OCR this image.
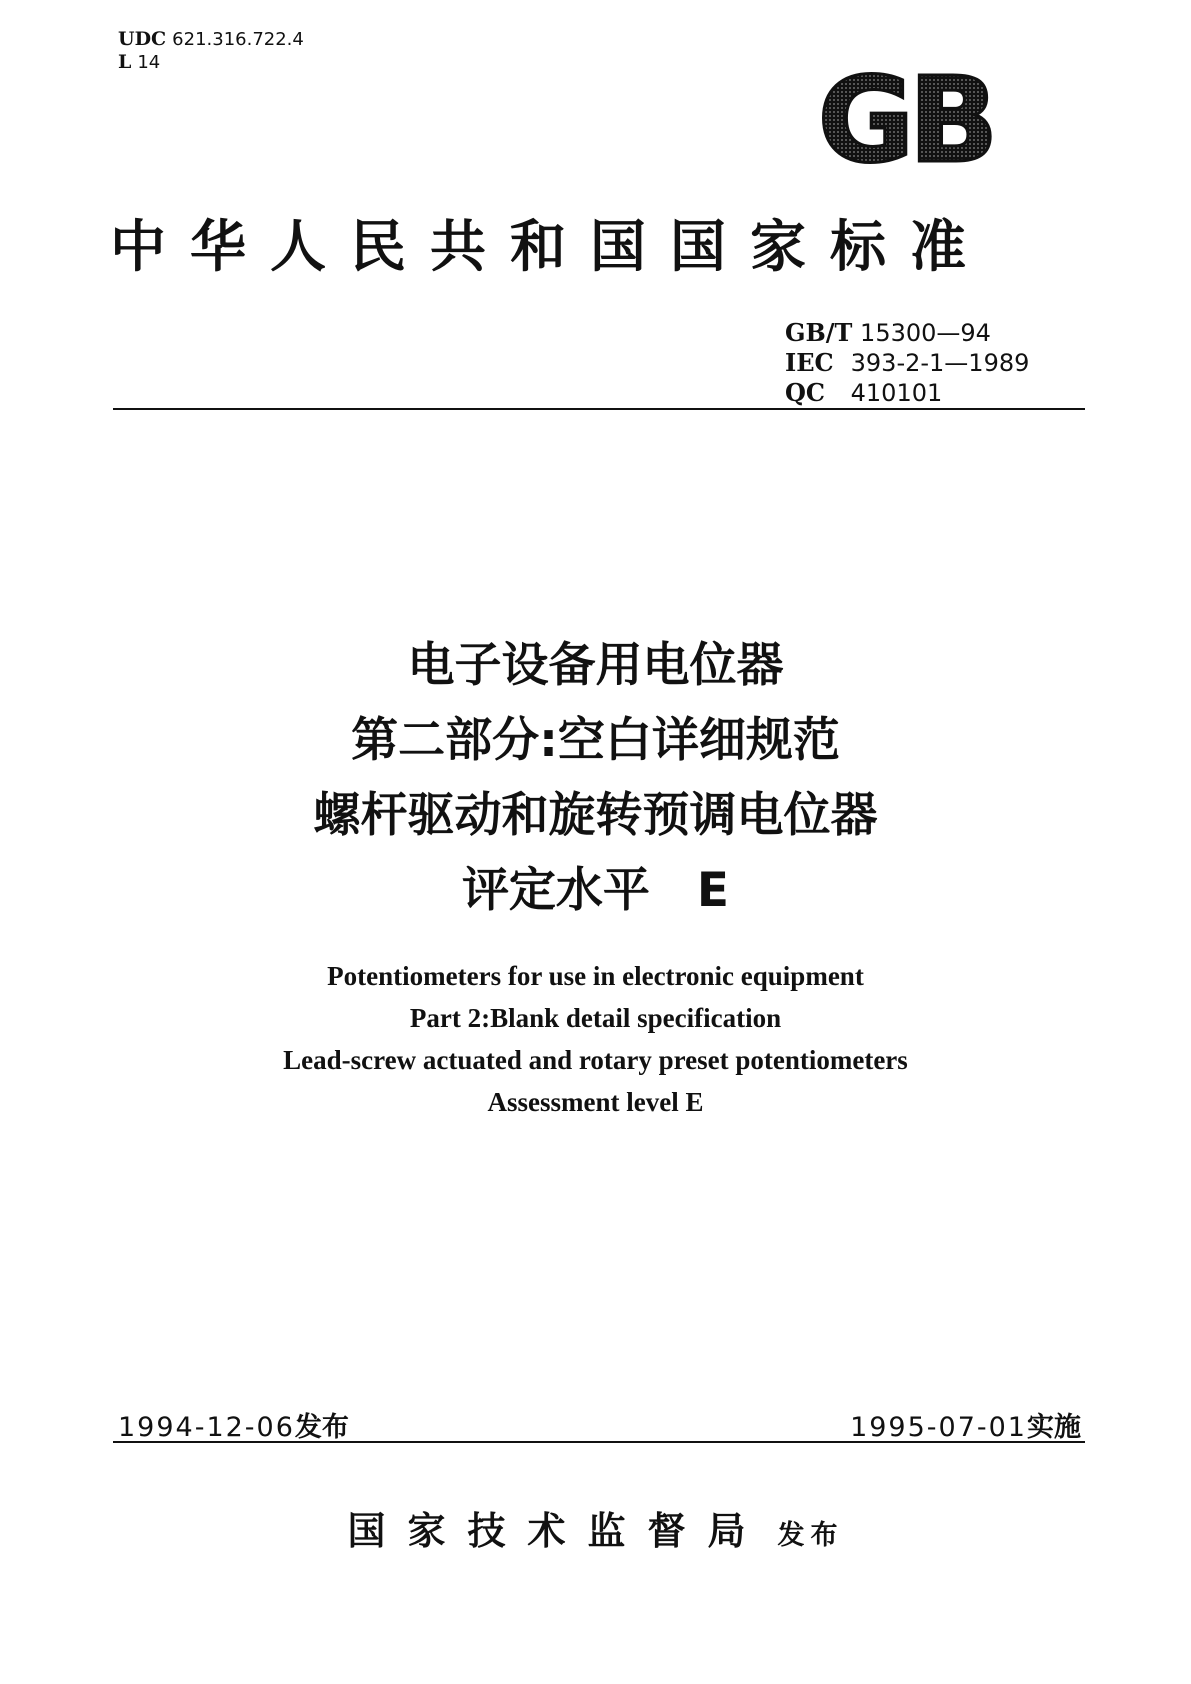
UDC 621.316.722.4
L 14	GB
中华人民共和国国家标准
GB/T 15300—94
IEC 393-2-1—1989
QC 410101
电子设备用电位器
第二部分:空白详细规范
螺杆驱动和旋转预调电位器
评定水平　E
Potentiometers for use in electronic equipment
Part 2:Blank detail specification
Lead-screw actuated and rotary preset potentiometers
Assessment level E
1994-12-06发布	1995-07-01实施
国家技术监督局 发布
